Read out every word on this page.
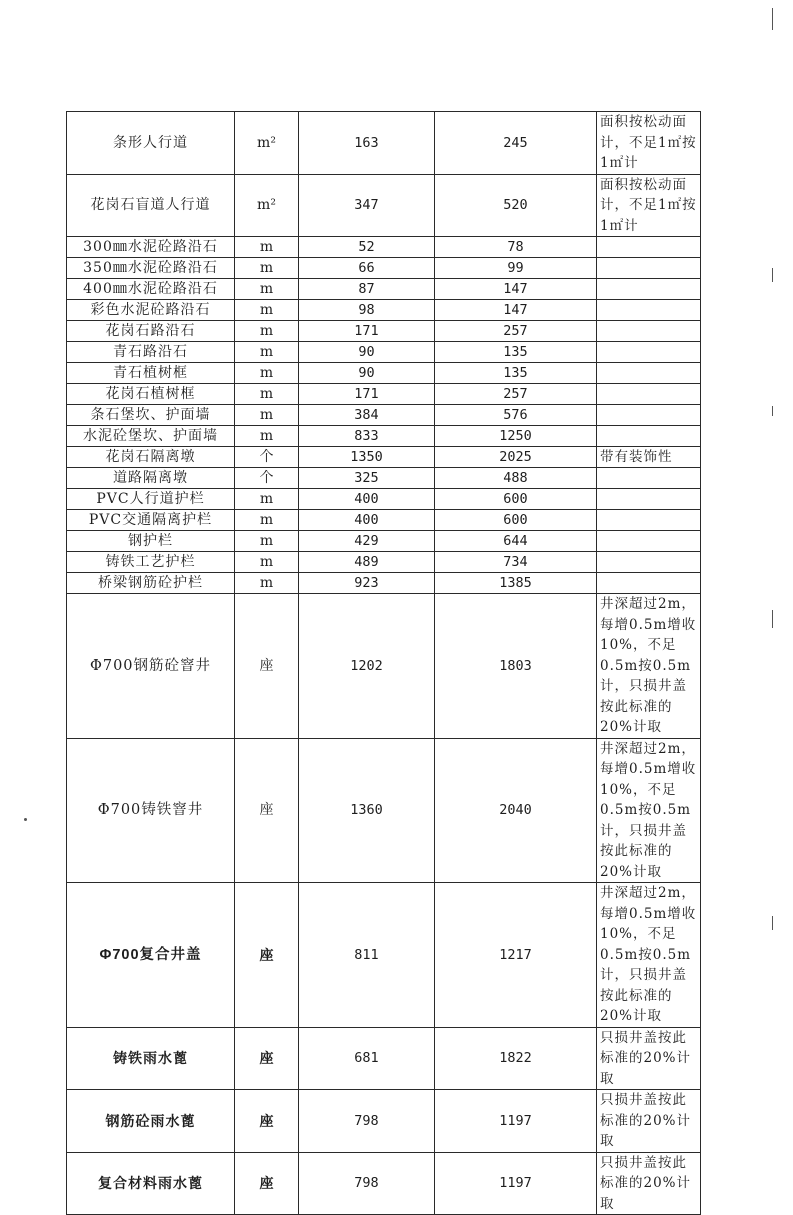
条形人行道	m²	163	245	面积按松动面计，不足1㎡按1㎡计
花岗石盲道人行道	m²	347	520	面积按松动面计，不足1㎡按1㎡计
300㎜水泥砼路沿石	m	52	78	
350㎜水泥砼路沿石	m	66	99	
400㎜水泥砼路沿石	m	87	147	
彩色水泥砼路沿石	m	98	147	
花岗石路沿石	m	171	257	
青石路沿石	m	90	135	
青石植树框	m	90	135	
花岗石植树框	m	171	257	
条石堡坎、护面墙	m	384	576	
水泥砼堡坎、护面墙	m	833	1250	
花岗石隔离墩	个	1350	2025	带有装饰性
道路隔离墩	个	325	488	
PVC人行道护栏	m	400	600	
PVC交通隔离护栏	m	400	600	
钢护栏	m	429	644	
铸铁工艺护栏	m	489	734	
桥梁钢筋砼护栏	m	923	1385	
Φ700钢筋砼窨井	座	1202	1803	井深超过2m，每增0.5m增收10%，不足0.5m按0.5m计，只损井盖按此标准的20%计取
Φ700铸铁窨井	座	1360	2040	井深超过2m，每增0.5m增收10%，不足0.5m按0.5m计，只损井盖按此标准的20%计取
Φ700复合井盖	座	811	1217	井深超过2m，每增0.5m增收10%，不足0.5m按0.5m计，只损井盖按此标准的20%计取
铸铁雨水蓖	座	681	1822	只损井盖按此标准的20%计取
钢筋砼雨水蓖	座	798	1197	只损井盖按此标准的20%计取
复合材料雨水蓖	座	798	1197	只损井盖按此标准的20%计取
